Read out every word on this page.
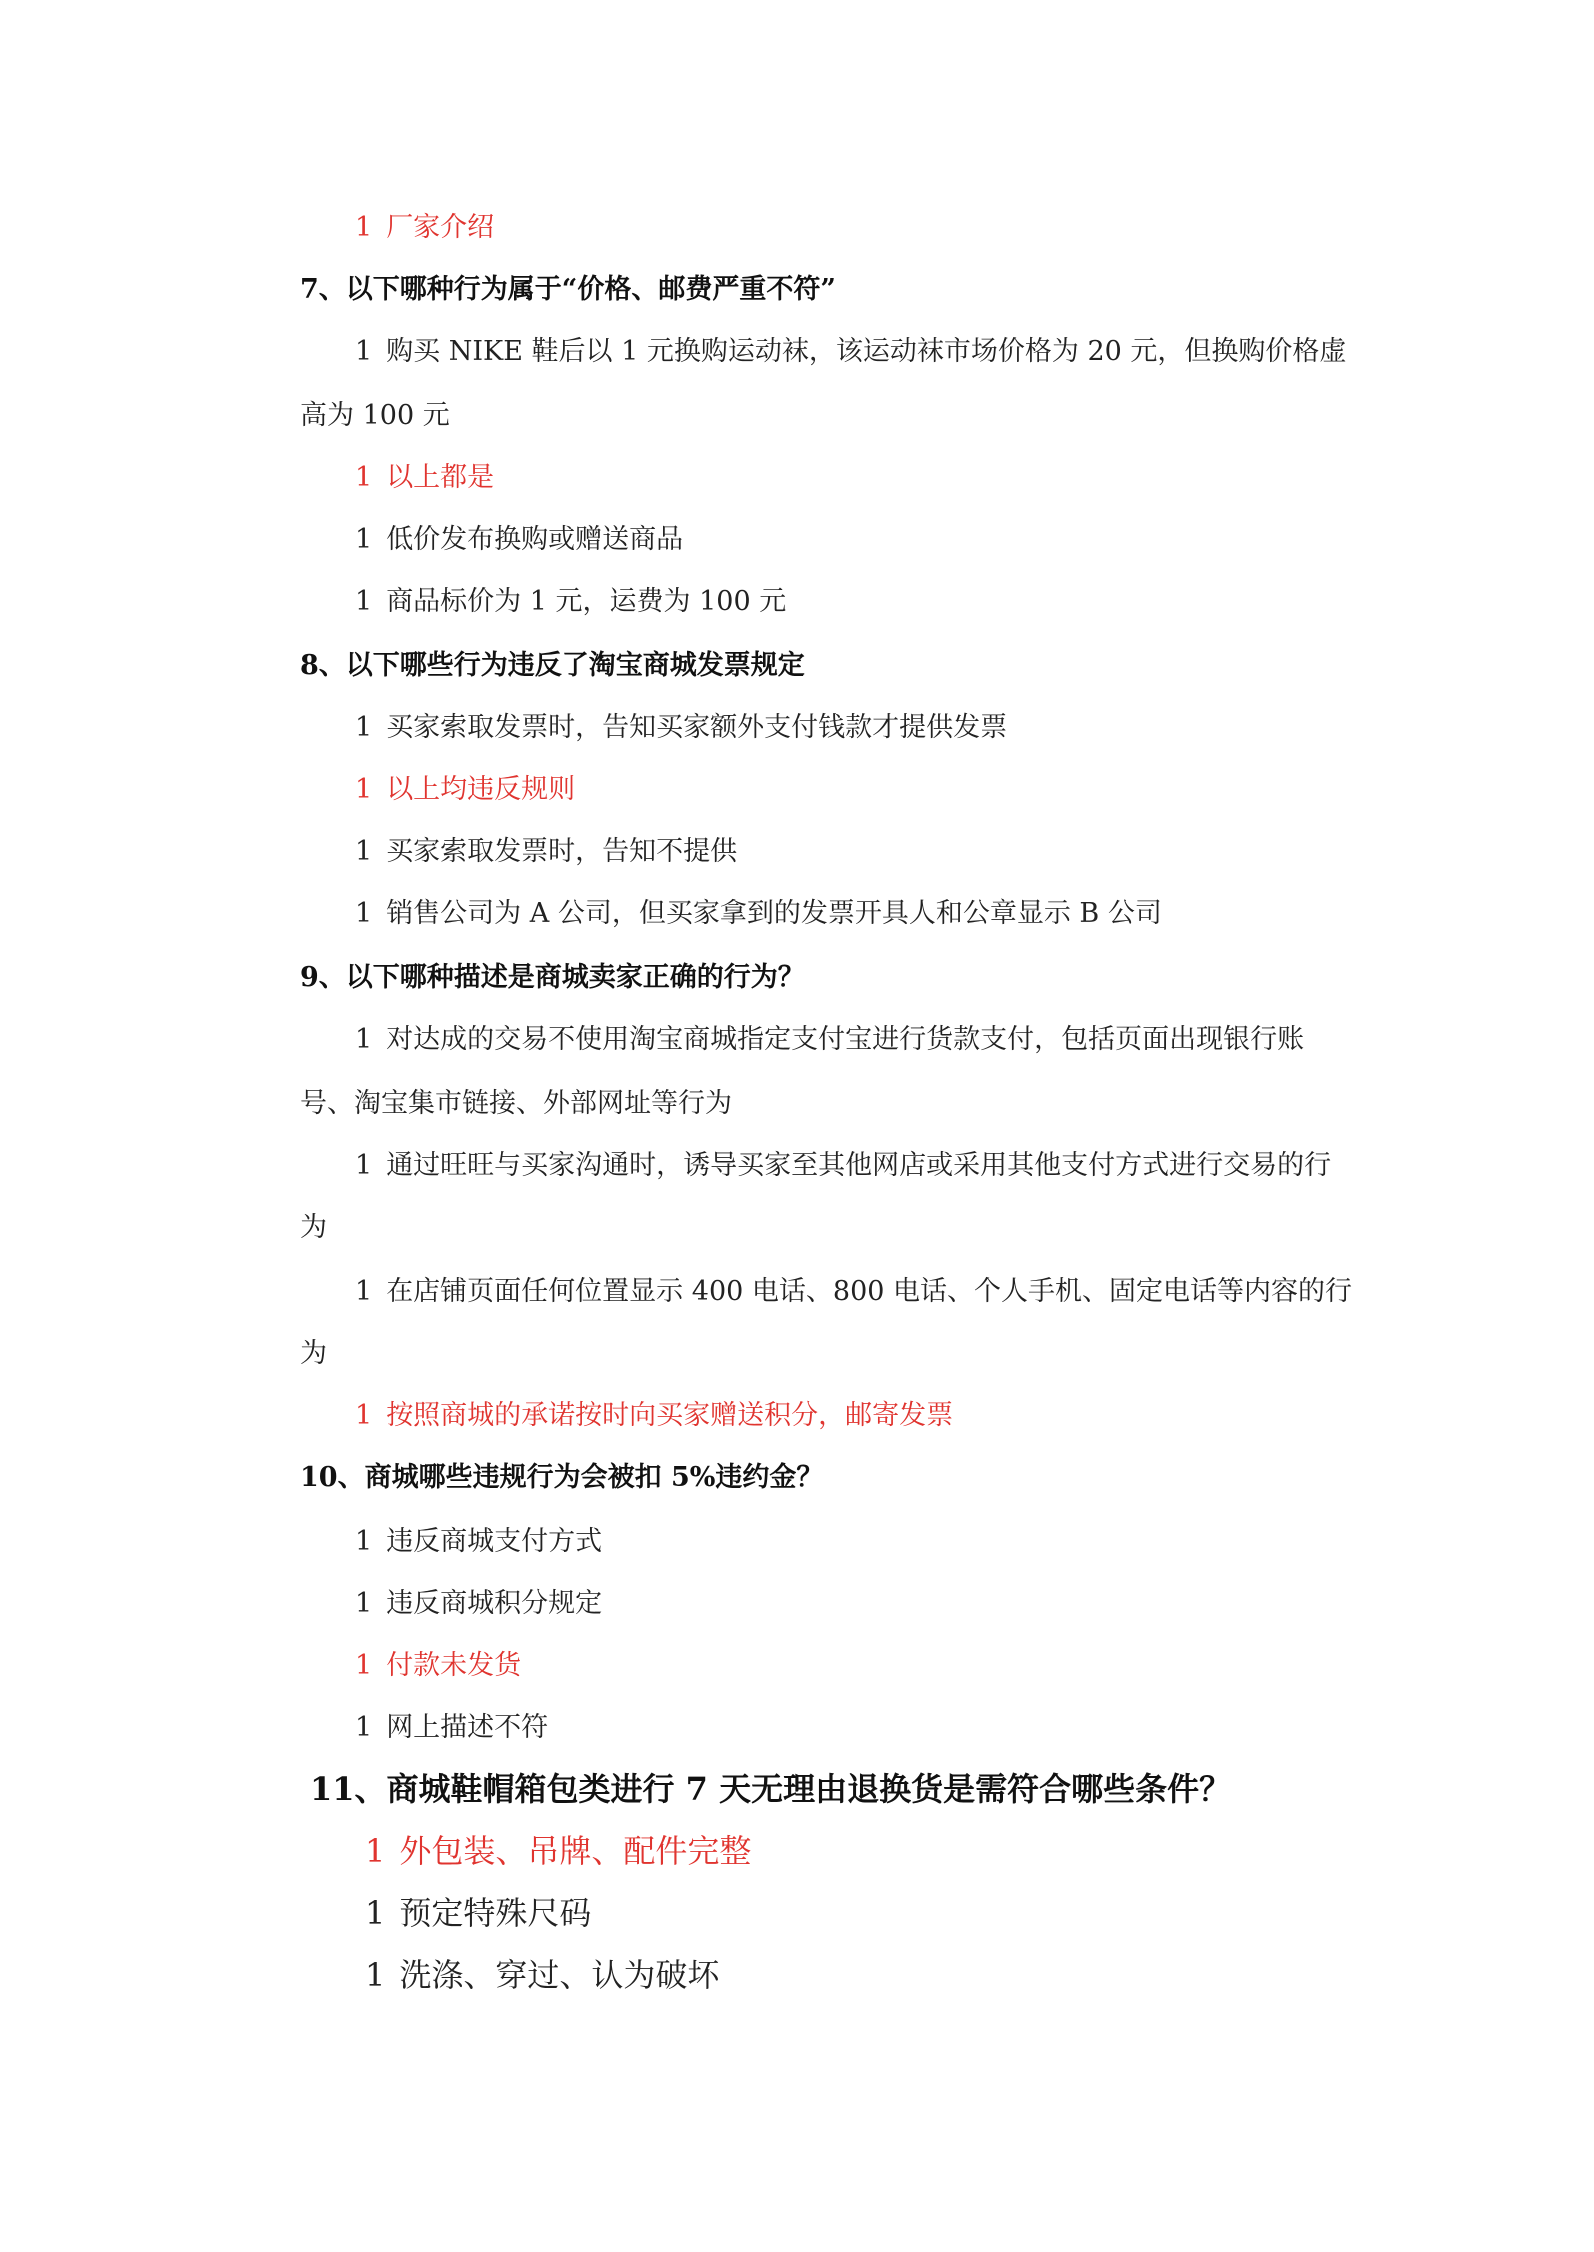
1 厂家介绍
7、以下哪种行为属于“价格、邮费严重不符”
1 购买 NIKE 鞋后以 1 元换购运动袜，该运动袜市场价格为 20 元，但换购价格虚
高为 100 元
1 以上都是
1 低价发布换购或赠送商品
1 商品标价为 1 元，运费为 100 元
8、以下哪些行为违反了淘宝商城发票规定
1 买家索取发票时，告知买家额外支付钱款才提供发票
1 以上均违反规则
1 买家索取发票时，告知不提供
1 销售公司为 A 公司，但买家拿到的发票开具人和公章显示 B 公司
9、以下哪种描述是商城卖家正确的行为？
1 对达成的交易不使用淘宝商城指定支付宝进行货款支付，包括页面出现银行账
号、淘宝集市链接、外部网址等行为
1 通过旺旺与买家沟通时，诱导买家至其他网店或采用其他支付方式进行交易的行
为
1 在店铺页面任何位置显示 400 电话、800 电话、个人手机、固定电话等内容的行
为
1 按照商城的承诺按时向买家赠送积分，邮寄发票
10、商城哪些违规行为会被扣 5%违约金？
1 违反商城支付方式
1 违反商城积分规定
1 付款未发货
1 网上描述不符
11、商城鞋帽箱包类进行 7 天无理由退换货是需符合哪些条件？
1 外包装、吊牌、配件完整
1 预定特殊尺码
1 洗涤、穿过、认为破坏
